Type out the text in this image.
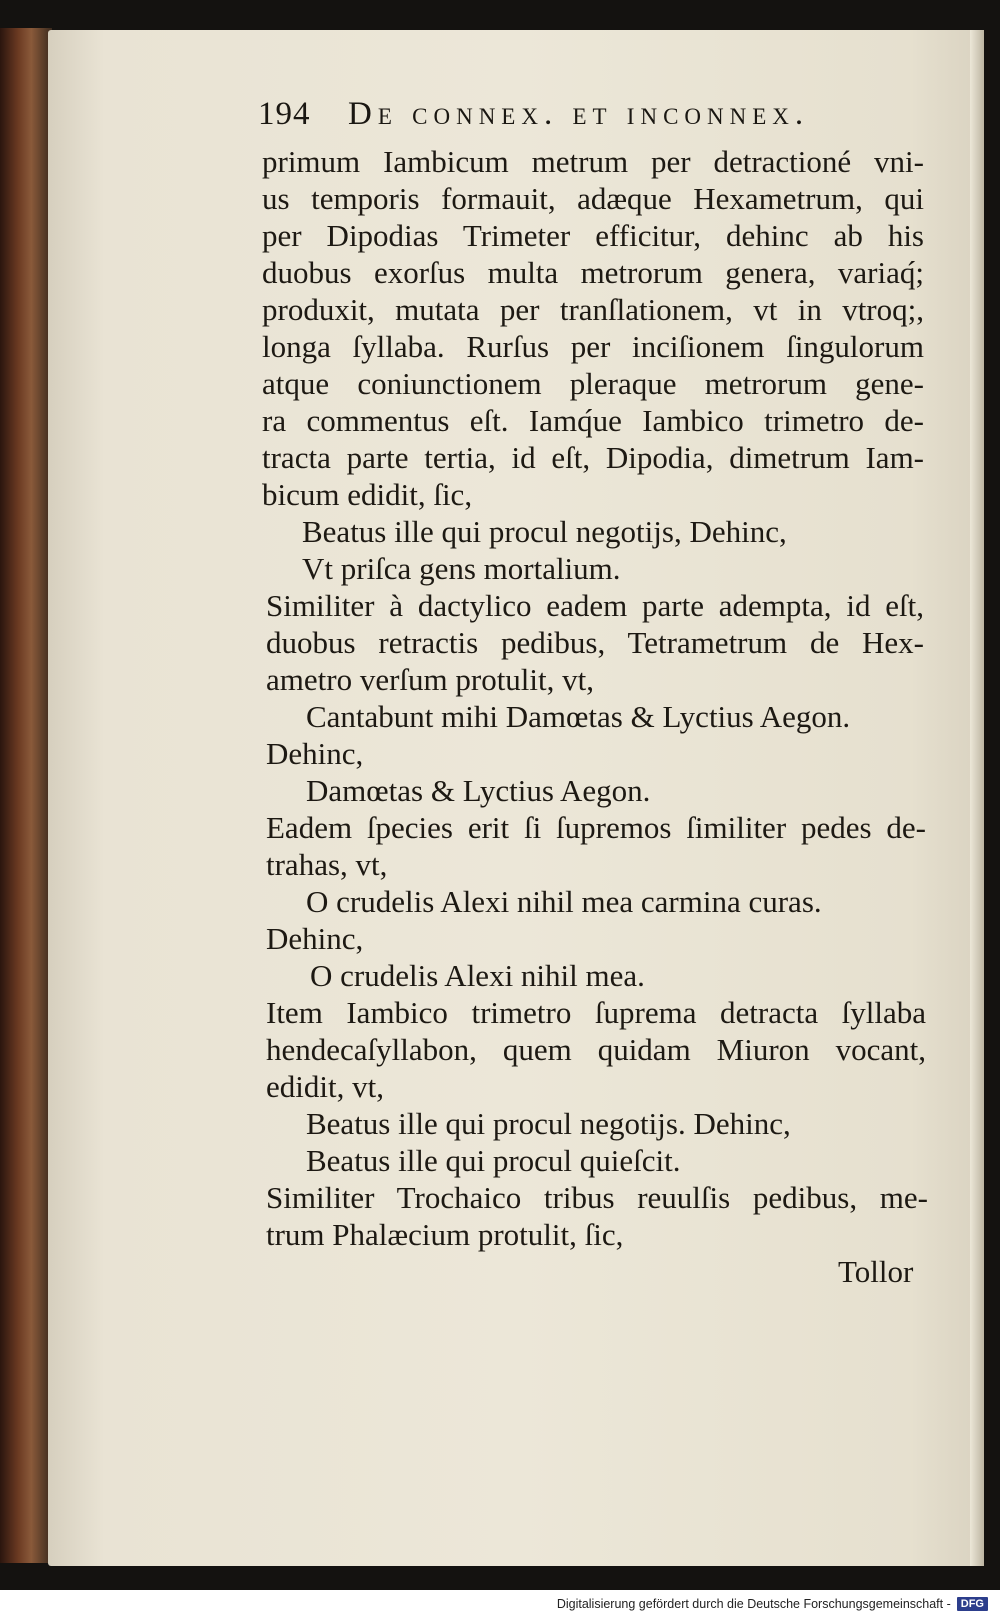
194 De connex. et inconnex.
primum Iambicum metrum per detractioné vni-
us temporis formauit, adæque Hexametrum, qui
per Dipodias Trimeter efficitur, dehinc ab his
duobus exorſus multa metrorum genera, variaq́;
produxit, mutata per tranſlationem, vt in vtroq;,
longa ſyllaba. Rurſus per inciſionem ſingulorum
atque coniunctionem pleraque metrorum gene-
ra commentus eſt. Iamq́ue Iambico trimetro de-
tracta parte tertia, id eſt, Dipodia, dimetrum Iam-
bicum edidit, ſic,
Beatus ille qui procul negotijs, Dehinc,
Vt priſca gens mortalium.
Similiter à dactylico eadem parte adempta, id eſt,
duobus retractis pedibus, Tetrametrum de Hex-
ametro verſum protulit, vt,
Cantabunt mihi Damœtas & Lyctius Aegon.
Dehinc,
Damœtas & Lyctius Aegon.
Eadem ſpecies erit ſi ſupremos ſimiliter pedes de-
trahas, vt,
O crudelis Alexi nihil mea carmina curas.
Dehinc,
O crudelis Alexi nihil mea.
Item Iambico trimetro ſuprema detracta ſyllaba
hendecaſyllabon, quem quidam Miuron vocant,
edidit, vt,
Beatus ille qui procul negotijs. Dehinc,
Beatus ille qui procul quieſcit.
Similiter Trochaico tribus reuulſis pedibus, me-
trum Phalæcium protulit, ſic,
Tollor
Digitalisierung gefördert durch die Deutsche Forschungsgemeinschaft - DFG
